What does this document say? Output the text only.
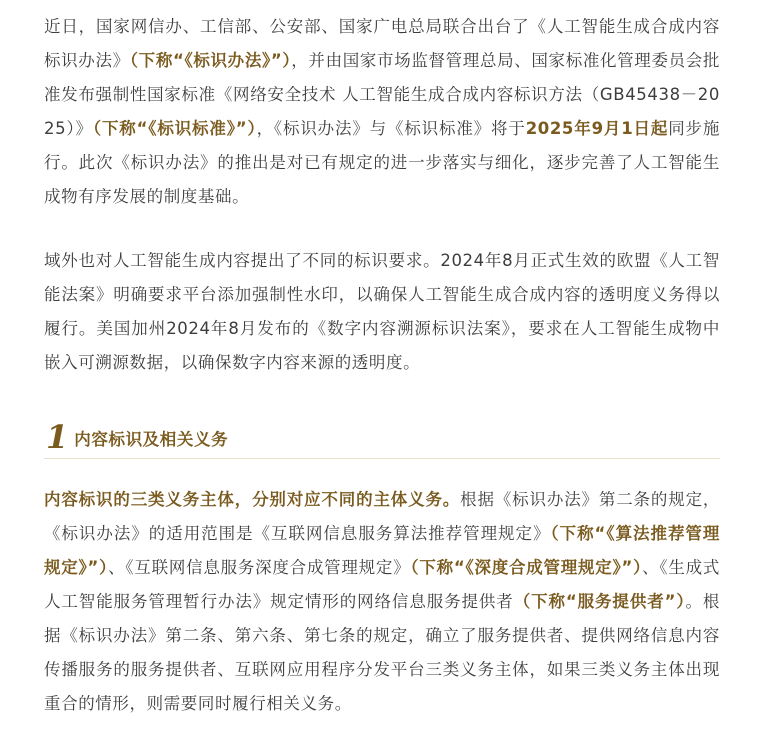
近日，国家网信办、工信部、公安部、国家广电总局联合出台了《人工智能生成合成内容标识办法》（下称“《标识办法》”），并由国家市场监督管理总局、国家标准化管理委员会批准发布强制性国家标准《网络安全技术 人工智能生成合成内容标识方法（GB45438－2025）》（下称“《标识标准》”），《标识办法》与《标识标准》将于2025年9月1日起同步施行。此次《标识办法》的推出是对已有规定的进一步落实与细化，逐步完善了人工智能生成物有序发展的制度基础。

域外也对人工智能生成内容提出了不同的标识要求。2024年8月正式生效的欧盟《人工智能法案》明确要求平台添加强制性水印，以确保人工智能生成合成内容的透明度义务得以履行。美国加州2024年8月发布的《数字内容溯源标识法案》，要求在人工智能生成物中嵌入可溯源数据，以确保数字内容来源的透明度。

1 内容标识及相关义务

内容标识的三类义务主体，分别对应不同的主体义务。根据《标识办法》第二条的规定，《标识办法》的适用范围是《互联网信息服务算法推荐管理规定》（下称“《算法推荐管理规定》”）、《互联网信息服务深度合成管理规定》（下称“《深度合成管理规定》”）、《生成式人工智能服务管理暂行办法》规定情形的网络信息服务提供者（下称“服务提供者”）。根据《标识办法》第二条、第六条、第七条的规定，确立了服务提供者、提供网络信息内容传播服务的服务提供者、互联网应用程序分发平台三类义务主体，如果三类义务主体出现重合的情形，则需要同时履行相关义务。
